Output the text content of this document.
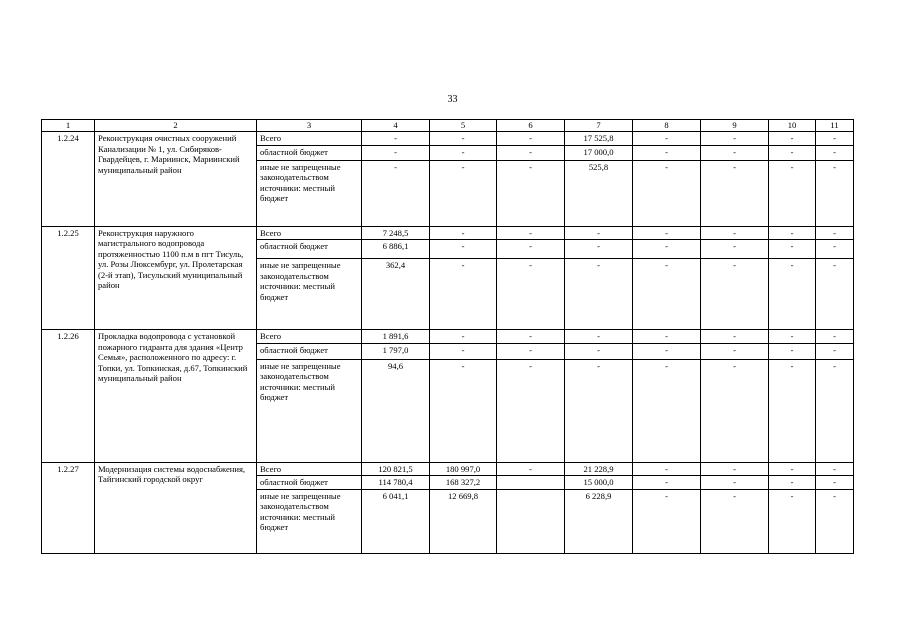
33
1	2	3	4	5	6	7	8	9	10	11
1.2.24	Реконструкция очистных сооружений Канализации № 1, ул. Сибиряков-Гвардейцев, г. Мариинск, Мариинский муниципальный район	Всего	-	-	-	17 525,8	-	-	-	-
		областной бюджет	-	-	-	17 000,0	-	-	-	-
		иные не запрещенные законодательством источники: местный бюджет	-	-	-	525,8	-	-	-	-
1.2.25	Реконструкция наружного магистрального водопровода протяженностью 1100 п.м в пгт Тисуль, ул. Розы Люксембург, ул. Пролетарская (2-й этап), Тисульский муниципальный район	Всего	7 248,5	-	-	-	-	-	-	-
		областной бюджет	6 886,1	-	-	-	-	-	-	-
		иные не запрещенные законодательством источники: местный бюджет	362,4	-	-	-	-	-	-	-
1.2.26	Прокладка водопровода с установкой пожарного гидранта для здания «Центр Семья», расположенного по адресу: г. Топки, ул. Топкинская, д.67, Топкинский муниципальный район	Всего	1 891,6	-	-	-	-	-	-	-
		областной бюджет	1 797,0	-	-	-	-	-	-	-
		иные не запрещенные законодательством источники: местный бюджет	94,6	-	-	-	-	-	-	-
1.2.27	Модернизация системы водоснабжения, Тайгинский городской округ	Всего	120 821,5	180 997,0	-	21 228,9	-	-	-	-
		областной бюджет	114 780,4	168 327,2		15 000,0	-	-	-	-
		иные не запрещенные законодательством источники: местный бюджет	6 041,1	12 669,8		6 228,9	-	-	-	-
